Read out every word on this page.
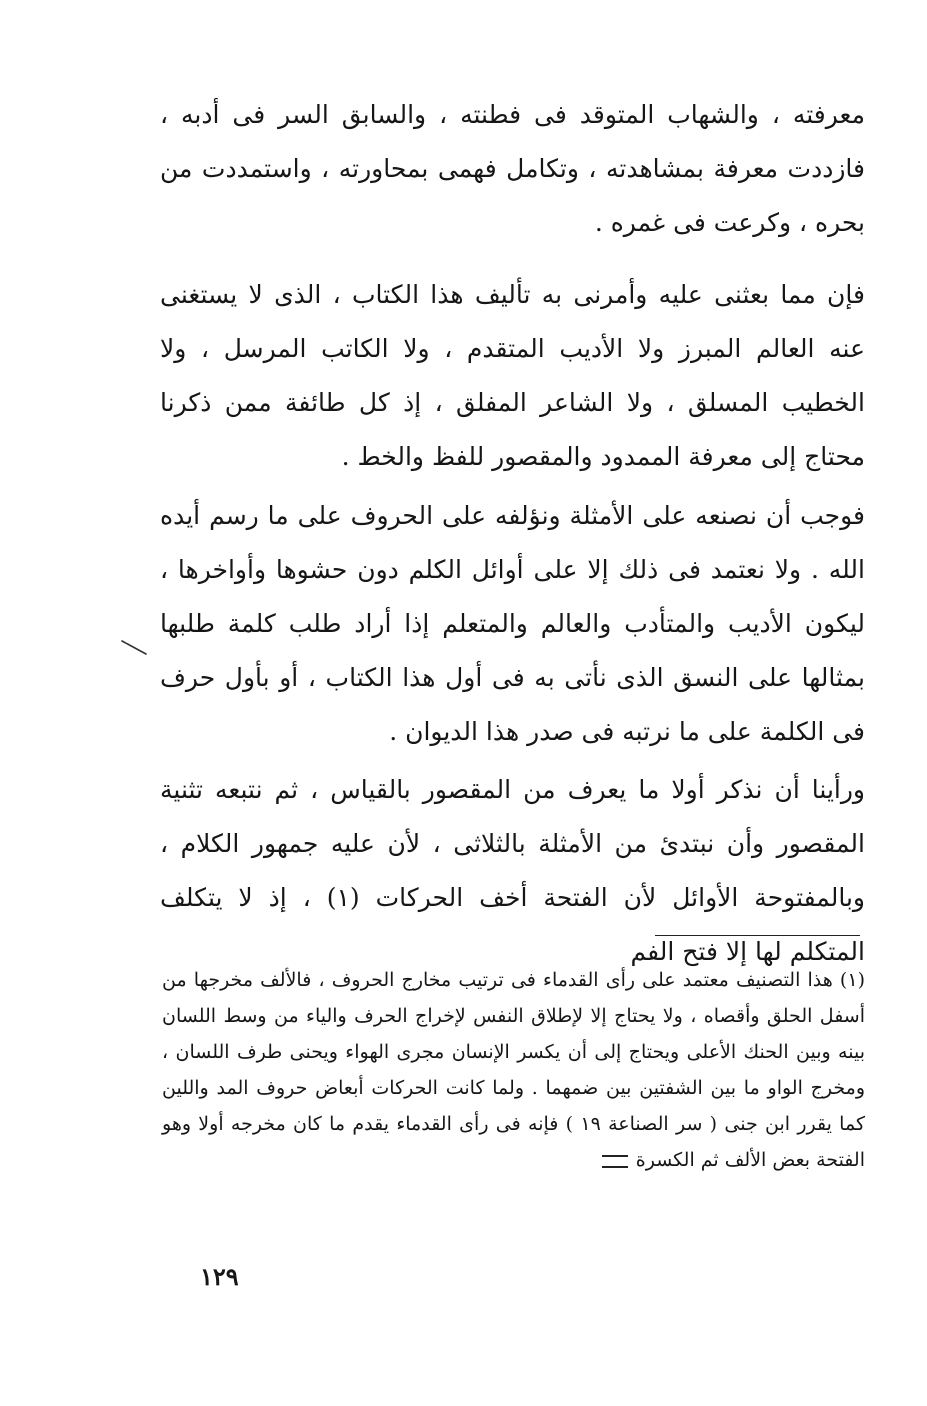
معرفته ، والشهاب المتوقد فى فطنته ، والسابق السر فى أدبه ، فازددت معرفة بمشاهدته ، وتكامل فهمى بمحاورته ، واستمددت من بحره ، وكرعت فى غمره .

فإن مما بعثنى عليه وأمرنى به تأليف هذا الكتاب ، الذى لا يستغنى عنه العالم المبرز ولا الأديب المتقدم ، ولا الكاتب المرسل ، ولا الخطيب المسلق ، ولا الشاعر المفلق ، إذ كل طائفة ممن ذكرنا محتاج إلى معرفة الممدود والمقصور للفظ والخط .

فوجب أن نصنعه على الأمثلة ونؤلفه على الحروف على ما رسم أيده الله . ولا نعتمد فى ذلك إلا على أوائل الكلم دون حشوها وأواخرها ، ليكون الأديب والمتأدب والعالم والمتعلم إذا أراد طلب كلمة طلبها بمثالها على النسق الذى نأتى به فى أول هذا الكتاب ، أو بأول حرف فى الكلمة على ما نرتبه فى صدر هذا الديوان .

ورأينا أن نذكر أولا ما يعرف من المقصور بالقياس ، ثم نتبعه تثنية المقصور وأن نبتدئ من الأمثلة بالثلاثى ، لأن عليه جمهور الكلام ، وبالمفتوحة الأوائل لأن الفتحة أخف الحركات (١) ، إذ لا يتكلف المتكلم لها إلا فتح الفم

(١) هذا التصنيف معتمد على رأى القدماء فى ترتيب مخارج الحروف ، فالألف مخرجها من أسفل الحلق وأقصاه ، ولا يحتاج إلا لإطلاق النفس لإخراج الحرف والياء من وسط اللسان بينه وبين الحنك الأعلى ويحتاج إلى أن يكسر الإنسان مجرى الهواء ويحنى طرف اللسان ، ومخرج الواو ما بين الشفتين بين ضمهما . ولما كانت الحركات أبعاض حروف المد واللين كما يقرر ابن جنى ( سر الصناعة ١٩ ) فإنه فى رأى القدماء يقدم ما كان مخرجه أولا وهو الفتحة بعض الألف ثم الكسرة

١٢٩
